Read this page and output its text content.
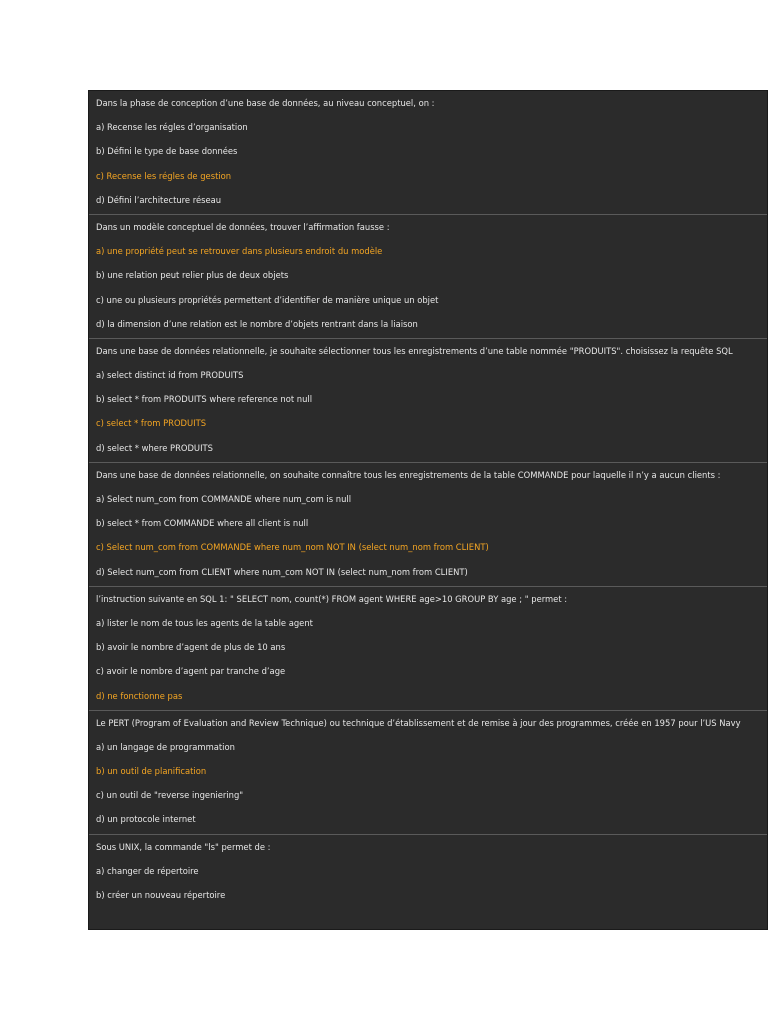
Dans la phase de conception d’une base de données, au niveau conceptuel, on :
a) Recense les régles d’organisation
b) Défini le type de base données
c) Recense les régles de gestion
d) Défini l’architecture réseau
Dans un modèle conceptuel de données, trouver l’affirmation fausse :
a) une propriété peut se retrouver dans plusieurs endroit du modèle
b) une relation peut relier plus de deux objets
c) une ou plusieurs propriétés permettent d’identifier de manière unique un objet
d) la dimension d’une relation est le nombre d’objets rentrant dans la liaison
Dans une base de données relationnelle, je souhaite sélectionner tous les enregistrements d’une table nommée "PRODUITS". choisissez la requête SQL
a) select distinct id from PRODUITS
b) select * from PRODUITS where reference not null
c) select * from PRODUITS
d) select * where PRODUITS
Dans une base de données relationnelle, on souhaite connaître tous les enregistrements de la table COMMANDE pour laquelle il n’y a aucun clients :
a) Select num_com from COMMANDE where num_com is null
b) select * from COMMANDE where all client is null
c) Select num_com from COMMANDE where num_nom NOT IN (select num_nom from CLIENT)
d) Select num_com from CLIENT where num_com NOT IN (select num_nom from CLIENT)
l’instruction suivante en SQL 1: " SELECT nom, count(*) FROM agent WHERE age>10 GROUP BY age ; " permet :
a) lister le nom de tous les agents de la table agent
b) avoir le nombre d’agent de plus de 10 ans
c) avoir le nombre d’agent par tranche d’age
d) ne fonctionne pas
Le PERT (Program of Evaluation and Review Technique) ou technique d’établissement et de remise à jour des programmes, créée en 1957 pour l’US Navy
a) un langage de programmation
b) un outil de planification
c) un outil de "reverse ingeniering"
d) un protocole internet
Sous UNIX, la commande "ls" permet de :
a) changer de répertoire
b) créer un nouveau répertoire
